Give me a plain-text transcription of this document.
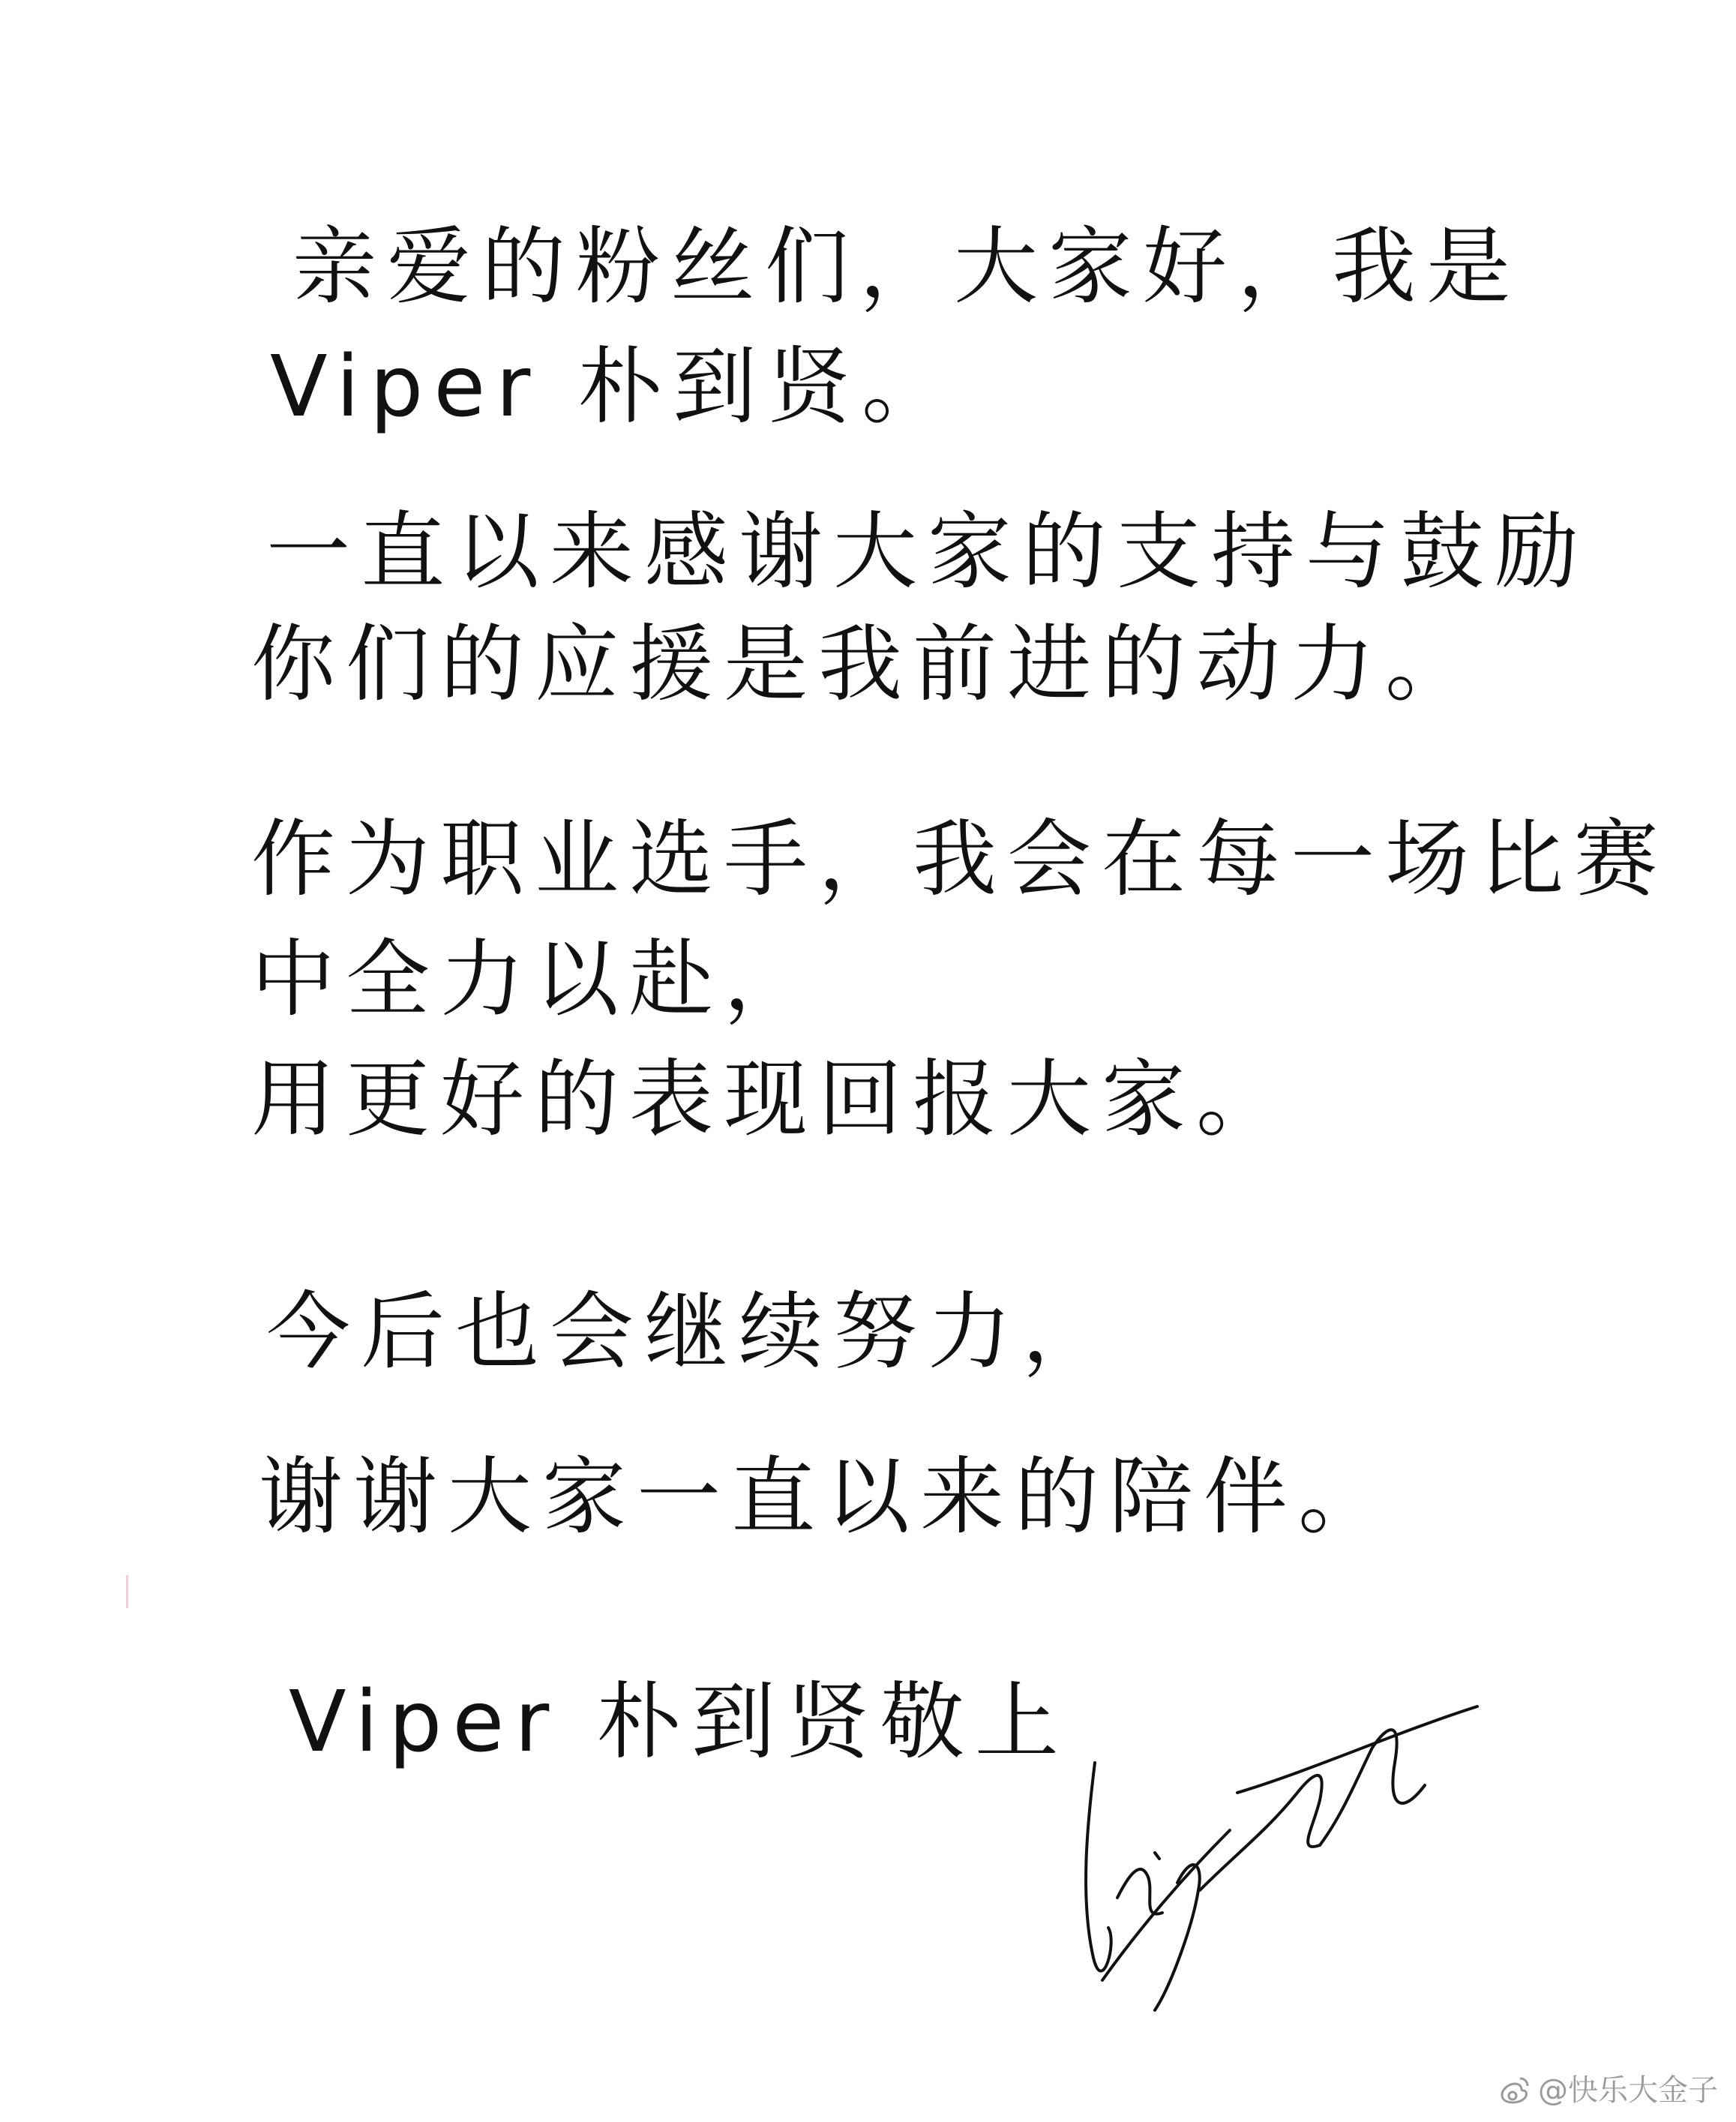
亲爱的粉丝们，大家好，我是

Viper 朴到贤。

一直以来感谢大家的支持与鼓励

你们的应援是我前进的动力。

作为职业选手，我会在每一场比赛

中全力以赴，

用更好的表现回报大家。

今后也会继续努力，

谢谢大家一直以来的陪伴。

Viper 朴到贤敬上

@快乐大金子
